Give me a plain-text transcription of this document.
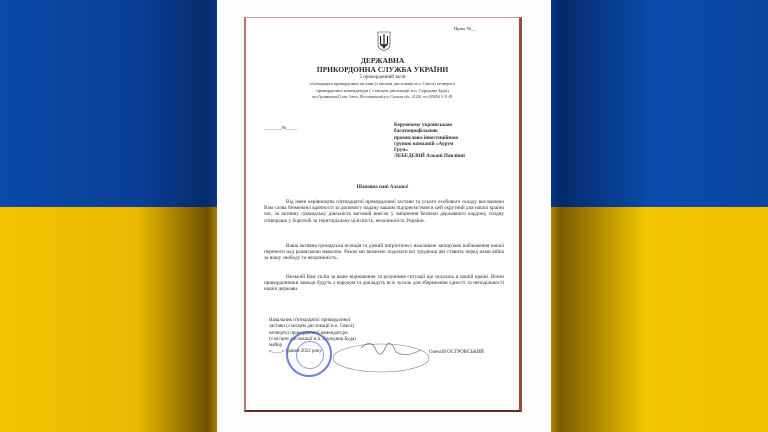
Прим. №__
ДЕРЖАВНА
ПРИКОРДОННА СЛУЖБА УКРАЇНИ
5 прикордонний загін
п'ятнадцята прикордонна застава (з місцем дислокації н.п. Свеса) четвертої
прикордонної комендатури ( з місцем дислокації н.п. Середина Буда)
вул.Грунвовська13,смт. Свеса, Шосткинський р-н, Сумська обл., 41226, тел.(05456) 5-31-85
________№_____	Керуючому українською
багатопрофільною
промислово-інвестиційною
групою компаній «Аурум
Груп»
ЛЕБЕДЄВІЙ Альоні Павлівні
Шановна пані Альона!
Від імені керівництва п'ятнадцятої прикордонної застави та усього особового складу висловлюю Вам слова безмежної вдячності за допомогу надану вашим підприємством в цей скрутний для нашої країни час, за активну громадську діяльність вагомий внесок у зміцнення безпеки державного кордону, плідну співпрацю у боротьбі за територіальну цілісність, незалежність України.
Ваша активна громадська позиція та дієвий патріотизм є важливою запорукою наближення нашої перемоги над рашиською навалою. Разом ми зможемо подолати всі труднощі які ставить перед нами війна за нашу свободу та незалежність.
Низький Вам уклін за ваше відношення та розуміння ситуації що склалась в нашій країні. Воїни прикордонники завжди будуть з народом та докладуть всіх зусиль для збереження єдності та неподільності нашої держави.
Начальник п'ятнадцятої прикордонної
застави (з місцем дислокації н.п. Свеса)
четвертої прикордонної комендатури
(з місцем дислокації н.п. Середина Буда)
майор
«____» травня 2022 року	Олексій ОСТРОВСЬКИЙ
